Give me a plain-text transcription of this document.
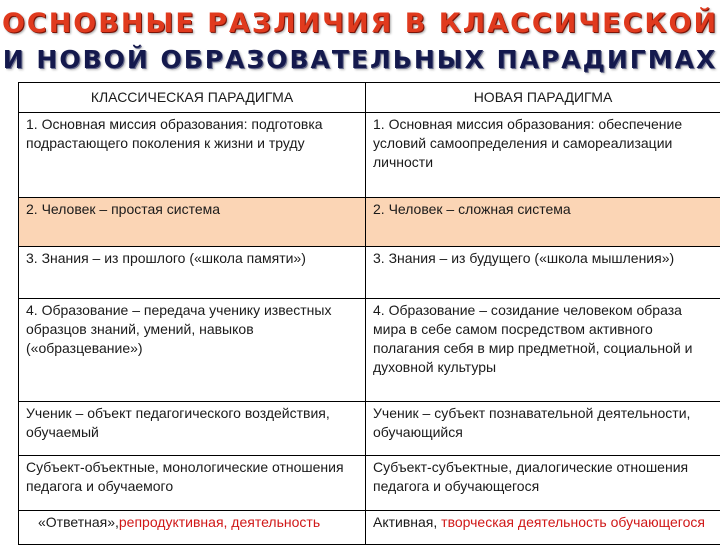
ОСНОВНЫЕ РАЗЛИЧИЯ В КЛАССИЧЕСКОЙ
И НОВОЙ ОБРАЗОВАТЕЛЬНЫХ ПАРАДИГМАХ
КЛАССИЧЕСКАЯ ПАРАДИГМА	НОВАЯ ПАРАДИГМА
1. Основная миссия образования: подготовка подрастающего поколения к жизни и труду	1. Основная миссия образования: обеспечение условий самоопределения и самореализации личности
2. Человек – простая система	2. Человек – сложная система
3. Знания – из прошлого («школа памяти»)	3. Знания – из будущего («школа мышления»)
4. Образование – передача ученику известных образцов знаний, умений, навыков («образцевание»)	4. Образование – созидание человеком образа мира в себе самом посредством активного полагания себя в мир предметной, социальной и духовной культуры
Ученик – объект педагогического воздействия, обучаемый	Ученик – субъект познавательной деятельности, обучающийся
Субъект-объектные, монологические отношения педагога и обучаемого	Субъект-субъектные, диалогические отношения педагога и обучающегося
«Ответная»,репродуктивная, деятельность	Активная, творческая деятельность обучающегося
